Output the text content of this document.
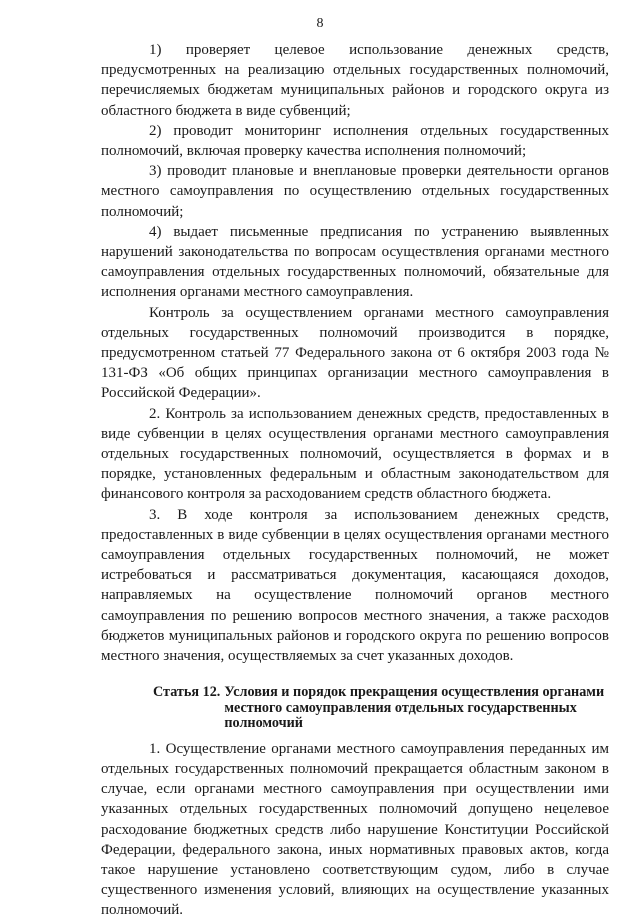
8

1) проверяет целевое использование денежных средств, предусмотренных на реализацию отдельных государственных полномочий, перечисляемых бюджетам муниципальных районов и городского округа из областного бюджета в виде субвенций;

2) проводит мониторинг исполнения отдельных государственных полномочий, включая проверку качества исполнения полномочий;

3) проводит плановые и внеплановые проверки деятельности органов местного самоуправления по осуществлению отдельных государственных полномочий;

4) выдает письменные предписания по устранению выявленных нарушений законодательства по вопросам осуществления органами местного самоуправления отдельных государственных полномочий, обязательные для исполнения органами местного самоуправления.

Контроль за осуществлением органами местного самоуправления отдельных государственных полномочий производится в порядке, предусмотренном статьей 77 Федерального закона от 6 октября 2003 года № 131-ФЗ «Об общих принципах организации местного самоуправления в Российской Федерации».

2. Контроль за использованием денежных средств, предоставленных в виде субвенции в целях осуществления органами местного самоуправления отдельных государственных полномочий, осуществляется в формах и в порядке, установленных федеральным и областным законодательством для финансового контроля за расходованием средств областного бюджета.

3. В ходе контроля за использованием денежных средств, предоставленных в виде субвенции в целях осуществления органами местного самоуправления отдельных государственных полномочий, не может истребоваться и рассматриваться документация, касающаяся доходов, направляемых на осуществление полномочий органов местного самоуправления по решению вопросов местного значения, а также расходов бюджетов муниципальных районов и городского округа по решению вопросов местного значения, осуществляемых за счет указанных доходов.

Статья 12. Условия и порядок прекращения осуществления органами местного самоуправления отдельных государственных полномочий

1. Осуществление органами местного самоуправления переданных им отдельных государственных полномочий прекращается областным законом в случае, если органами местного самоуправления при осуществлении ими указанных отдельных государственных полномочий допущено нецелевое расходование бюджетных средств либо нарушение Конституции Российской Федерации, федерального закона, иных нормативных правовых актов, когда такое нарушение установлено соответствующим судом, либо в случае существенного изменения условий, влияющих на осуществление указанных полномочий.
